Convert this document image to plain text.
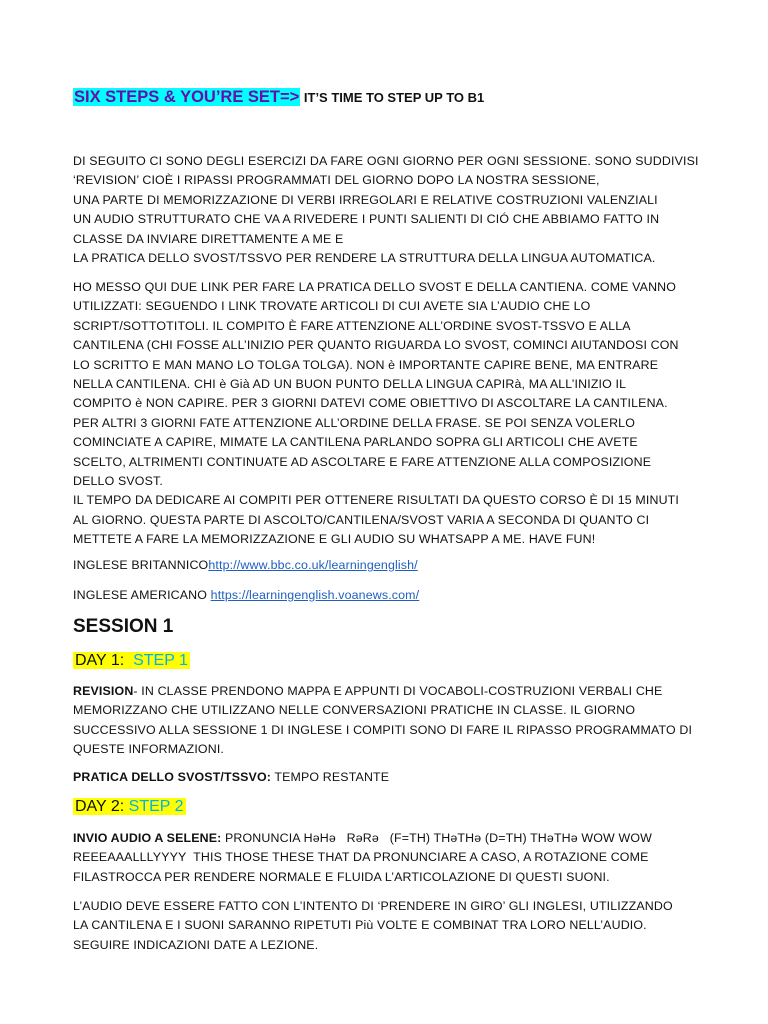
SIX STEPS & YOU’RE SET=> IT’S TIME TO STEP UP TO B1
DI SEGUITO CI SONO DEGLI ESERCIZI DA FARE OGNI GIORNO PER OGNI SESSIONE. SONO SUDDIVISI
‘REVISION’ CIOÈ I RIPASSI PROGRAMMATI DEL GIORNO DOPO LA NOSTRA SESSIONE,
UNA PARTE DI MEMORIZZAZIONE DI VERBI IRREGOLARI E RELATIVE COSTRUZIONI VALENZIALI
UN AUDIO STRUTTURATO CHE VA A RIVEDERE I PUNTI SALIENTI DI CIÓ CHE ABBIAMO FATTO IN
CLASSE DA INVIARE DIRETTAMENTE A ME E
LA PRATICA DELLO SVOST/TSSVO PER RENDERE LA STRUTTURA DELLA LINGUA AUTOMATICA.
HO MESSO QUI DUE LINK PER FARE LA PRATICA DELLO SVOST E DELLA CANTIENA. COME VANNO
UTILIZZATI: SEGUENDO I LINK TROVATE ARTICOLI DI CUI AVETE SIA L’AUDIO CHE LO
SCRIPT/SOTTOTITOLI. IL COMPITO È FARE ATTENZIONE ALL’ORDINE SVOST-TSSVO E ALLA
CANTILENA (CHI FOSSE ALL’INIZIO PER QUANTO RIGUARDA LO SVOST, COMINCI AIUTANDOSI CON
LO SCRITTO E MAN MANO LO TOLGA TOLGA). NON è IMPORTANTE CAPIRE BENE, MA ENTRARE
NELLA CANTILENA. CHI è Già AD UN BUON PUNTO DELLA LINGUA CAPIRà, MA ALL’INIZIO IL
COMPITO è NON CAPIRE. PER 3 GIORNI DATEVI COME OBIETTIVO DI ASCOLTARE LA CANTILENA.
PER ALTRI 3 GIORNI FATE ATTENZIONE ALL’ORDINE DELLA FRASE. SE POI SENZA VOLERLO
COMINCIATE A CAPIRE, MIMATE LA CANTILENA PARLANDO SOPRA GLI ARTICOLI CHE AVETE
SCELTO, ALTRIMENTI CONTINUATE AD ASCOLTARE E FARE ATTENZIONE ALLA COMPOSIZIONE
DELLO SVOST.
IL TEMPO DA DEDICARE AI COMPITI PER OTTENERE RISULTATI DA QUESTO CORSO È DI 15 MINUTI
AL GIORNO. QUESTA PARTE DI ASCOLTO/CANTILENA/SVOST VARIA A SECONDA DI QUANTO CI
METTETE A FARE LA MEMORIZZAZIONE E GLI AUDIO SU WHATSAPP A ME. HAVE FUN!
INGLESE BRITANNICOhttp://www.bbc.co.uk/learningenglish/
INGLESE AMERICANO https://learningenglish.voanews.com/
SESSION 1
DAY 1: STEP 1
REVISION- IN CLASSE PRENDONO MAPPA E APPUNTI DI VOCABOLI-COSTRUZIONI VERBALI CHE
MEMORIZZANO CHE UTILIZZANO NELLE CONVERSAZIONI PRATICHE IN CLASSE. IL GIORNO
SUCCESSIVO ALLA SESSIONE 1 DI INGLESE I COMPITI SONO DI FARE IL RIPASSO PROGRAMMATO DI
QUESTE INFORMAZIONI.
PRATICA DELLO SVOST/TSSVO: TEMPO RESTANTE
DAY 2: STEP 2
INVIO AUDIO A SELENE: PRONUNCIA HəHə   RəRə   (F=TH) THəTHə (D=TH) THəTHə WOW WOW
REEEAAALLLYYYY  THIS THOSE THESE THAT DA PRONUNCIARE A CASO, A ROTAZIONE COME
FILASTROCCA PER RENDERE NORMALE E FLUIDA L’ARTICOLAZIONE DI QUESTI SUONI.
L’AUDIO DEVE ESSERE FATTO CON L’INTENTO DI ‘PRENDERE IN GIRO’ GLI INGLESI, UTILIZZANDO
LA CANTILENA E I SUONI SARANNO RIPETUTI Più VOLTE E COMBINAT TRA LORO NELL’AUDIO.
SEGUIRE INDICAZIONI DATE A LEZIONE.
